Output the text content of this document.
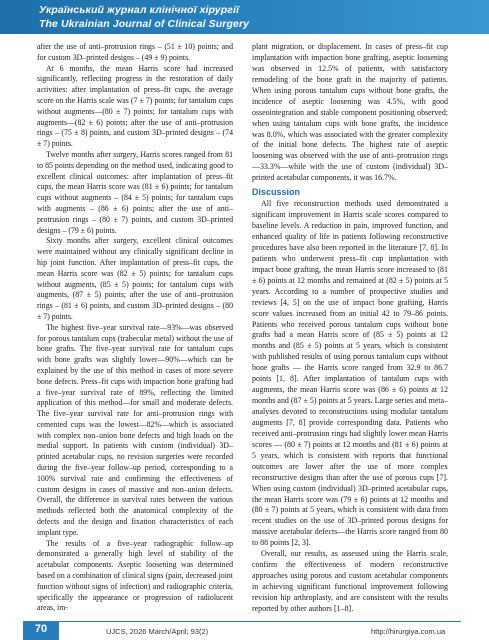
Український журнал клінічної хірургії
The Ukrainian Journal of Clinical Surgery

after the use of anti–protrusion rings – (51 ± 10) points; and for custom 3D–printed designs – (49 ± 9) points.

At 6 months, the mean Harris score had increased significantly, reflecting progress in the restoration of daily activities: after implantation of press–fit cups, the average score on the Harris scale was (7 ± 7) points; for tantalum cups without augments—(80 ± 7) points; for tantalum cups with augments—(82 ± 6) points; after the use of anti–protrusion rings – (75 ± 8) points, and custom 3D–printed designs – (74 ± 7) points.

Twelve months after surgery, Harris scores ranged from 81 to 85 points depending on the method used, indicating good to excellent clinical outcomes: after implantation of press–fit cups, the mean Harris score was (81 ± 6) points; for tantalum cups without augments – (84 ± 5) points; for tantalum cups with augments – (86 ± 6) points; after the use of anti–protrusion rings – (80 ± 7) points, and custom 3D–printed designs – (79 ± 6) points.

Sixty months after surgery, excellent clinical outcomes were maintained without any clinically significant decline in hip joint function. After implantation of press–fit cups, the mean Harris score was (82 ± 5) points; for tantalum cups without augments, (85 ± 5) points; for tantalum cups with augments, (87 ± 5) points; after the use of anti–protrusion rings – (81 ± 6) points, and custom 3D–printed designs – (80 ± 7) points.

The highest five–year survival rate—93%—was observed for porous tantalum cups (trabecular metal) without the use of bone grafts. The five–year survival rate for tantalum cups with bone grafts was slightly lower—90%—which can be explained by the use of this method in cases of more severe bone defects. Press–fit cups with impaction bone grafting had a five–year survival rate of 89%, reflecting the limited application of this method—for small and moderate defects. The five–year survival rate for anti–protrusion rings with cemented cups was the lowest—82%—which is associated with complex non–union bone defects and high loads on the medial support. In patients with custom (individual) 3D–printed acetabular cups, no revision surgeries were recorded during the five–year follow–up period, corresponding to a 100% survival rate and confirming the effectiveness of custom designs in cases of massive and non–union defects. Overall, the difference in survival rates between the various methods reflected both the anatomical complexity of the defects and the design and fixation characteristics of each implant type.

The results of a five–year radiographic follow–up demonstrated a generally high level of stability of the acetabular components. Aseptic loosening was determined based on a combination of clinical signs (pain, decreased joint function without signs of infection) and radiographic criteria, specifically the appearance or progression of radiolucent areas, im-

plant migration, or displacement. In cases of press–fit cup implantation with impaction bone grafting, aseptic loosening was observed in 12.5% of patients, with satisfactory remodeling of the bone graft in the majority of patients. When using porous tantalum cups without bone grafts, the incidence of aseptic loosening was 4.5%, with good osseointegration and stable component positioning observed; when using tantalum cups with bone grafts, the incidence was 8.0%, which was associated with the greater complexity of the initial bone defects. The highest rate of aseptic loosening was observed with the use of anti–protrusion rings—33.3%—while with the use of custom (individual) 3D–printed acetabular components, it was 16.7%.

Discussion

All five reconstruction methods used demonstrated a significant improvement in Harris scale scores compared to baseline levels. A reduction in pain, improved function, and enhanced quality of life in patients following reconstructive procedures have also been reported in the literature [7, 8]. In patients who underwent press–fit cup implantation with impact bone grafting, the mean Harris score increased to (81 ± 6) points at 12 months and remained at (82 ± 5) points at 5 years. According to a number of prospective studies and reviews [4, 5] on the use of impact bone grafting, Harris score values increased from an initial 42 to 79–86 points. Patients who received porous tantalum cups without bone grafts had a mean Harris score of (85 ± 5) points at 12 months and (85 ± 5) points at 5 years, which is consistent with published results of using porous tantalum cups without bone grafts — the Harris score ranged from 32.9 to 86.7 points [1, 8]. After implantation of tantalum cups with augments, the mean Harris score was (86 ± 6) points at 12 months and (87 ± 5) points at 5 years. Large series and meta–analyses devoted to reconstructions using modular tantalum augments [7, 8] provide corresponding data. Patients who received anti–protrusion rings had slightly lower mean Harris scores — (80 ± 7) points at 12 months and (81 ± 6) points at 5 years, which is consistent with reports that functional outcomes are lower after the use of more complex reconstructive designs than after the use of porous cups [7]. When using custom (individual) 3D–printed acetabular cups, the mean Harris score was (79 ± 6) points at 12 months and (80 ± 7) points at 5 years, which is consistent with data from recent studies on the use of 3D–printed porous designs for massive acetabular defects—the Harris score ranged from 80 to 88 points [2, 3].

Overall, our results, as assessed using the Harris scale, confirm the effectiveness of modern reconstructive approaches using porous and custom acetabular components in achieving significant functional improvement following revision hip arthroplasty, and are consistent with the results reported by other authors [1–8].

70	UJCS, 2026 March/April; 93(2)	http://hirurgiya.com.ua
